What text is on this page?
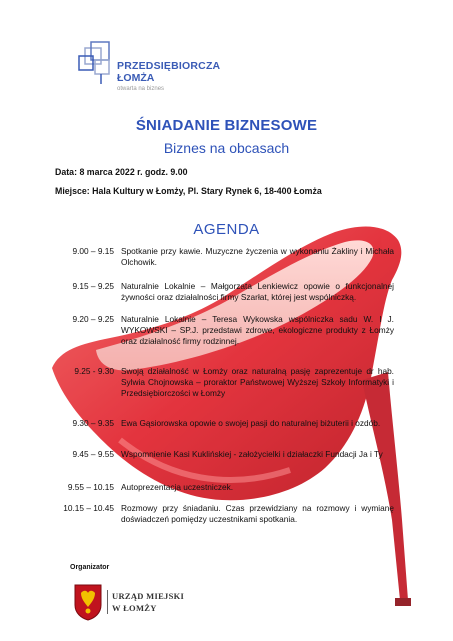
PRZEDSIĘBIORCZA
ŁOMŻA
otwarta na biznes
ŚNIADANIE BIZNESOWE
Biznes na obcasach
Data: 8 marca 2022 r. godz. 9.00
Miejsce: Hala Kultury w Łomży, Pl. Stary Rynek 6, 18-400 Łomża
AGENDA
9.00 – 9.15 Spotkanie przy kawie. Muzyczne życzenia w wykonaniu Żakliny i Michała Olchowik.
9.15 – 9.25 Naturalnie Lokalnie – Małgorzata Lenkiewicz opowie o funkcjonalnej żywności oraz działalności firmy Szarłat, której jest wspólniczką.
9.20 – 9.25 Naturalnie Lokalnie – Teresa Wykowska wspólniczka sadu W. I J. WYKOWSKI – SP.J. przedstawi zdrowe, ekologiczne produkty z Łomży oraz działalność firmy rodzinnej.
9.25 - 9.30 Swoją działalność w Łomży oraz naturalną pasję zaprezentuje dr hab. Sylwia Chojnowska – proraktor Państwowej Wyższej Szkoły Informatyki i Przedsiębiorczości w Łomży
9.30 – 9.35 Ewa Gąsiorowska opowie o swojej pasji do naturalnej biżuterii i ozdób.
9.45 – 9.55 Wspomnienie Kasi Kuklińskiej - założycielki i działaczki Fundacji Ja i Ty
9.55 – 10.15 Autoprezentacja uczestniczek.
10.15 – 10.45 Rozmowy przy śniadaniu. Czas przewidziany na rozmowy i wymianę doświadczeń pomiędzy uczestnikami spotkania.
Organizator
URZĄD MIEJSKI
W ŁOMŻY
